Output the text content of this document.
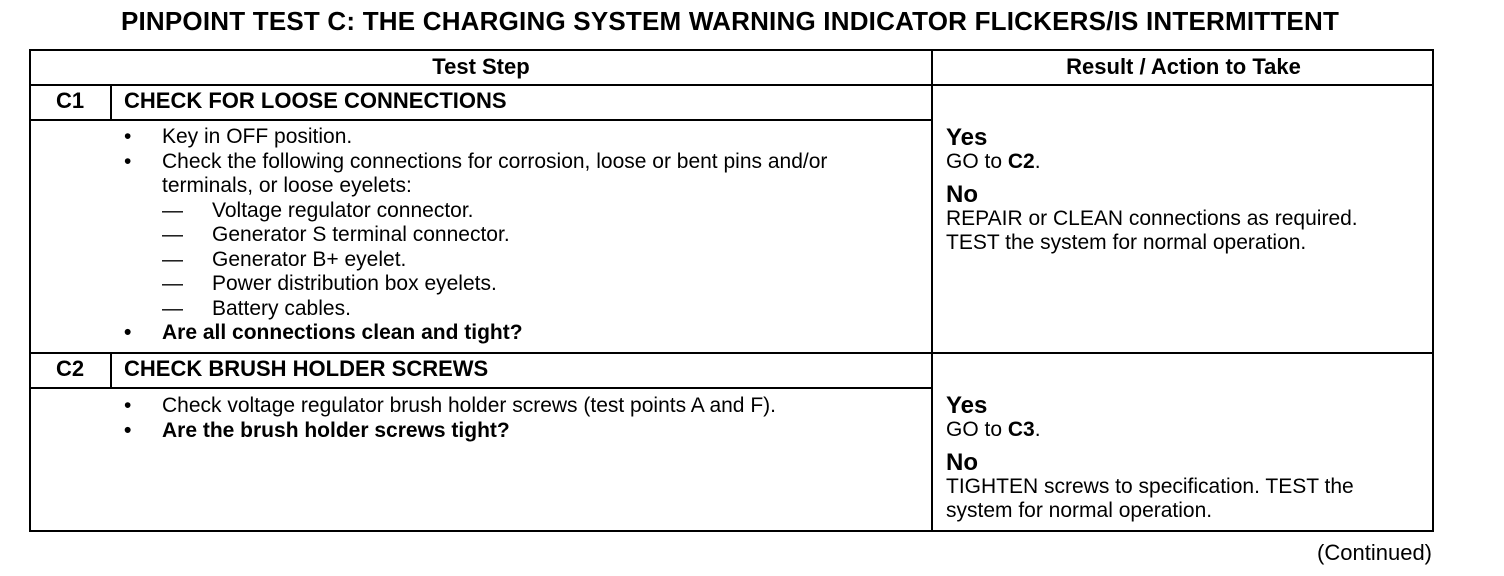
PINPOINT TEST C: THE CHARGING SYSTEM WARNING INDICATOR FLICKERS/IS INTERMITTENT
Test Step	Result / Action to Take
C1	CHECK FOR LOOSE CONNECTIONS
• Key in OFF position.
• Check the following connections for corrosion, loose or bent pins and/or terminals, or loose eyelets:
— Voltage regulator connector.
— Generator S terminal connector.
— Generator B+ eyelet.
— Power distribution box eyelets.
— Battery cables.
• Are all connections clean and tight?
Yes
GO to C2.
No
REPAIR or CLEAN connections as required. TEST the system for normal operation.
C2	CHECK BRUSH HOLDER SCREWS
• Check voltage regulator brush holder screws (test points A and F).
• Are the brush holder screws tight?
Yes
GO to C3.
No
TIGHTEN screws to specification. TEST the system for normal operation.
(Continued)
